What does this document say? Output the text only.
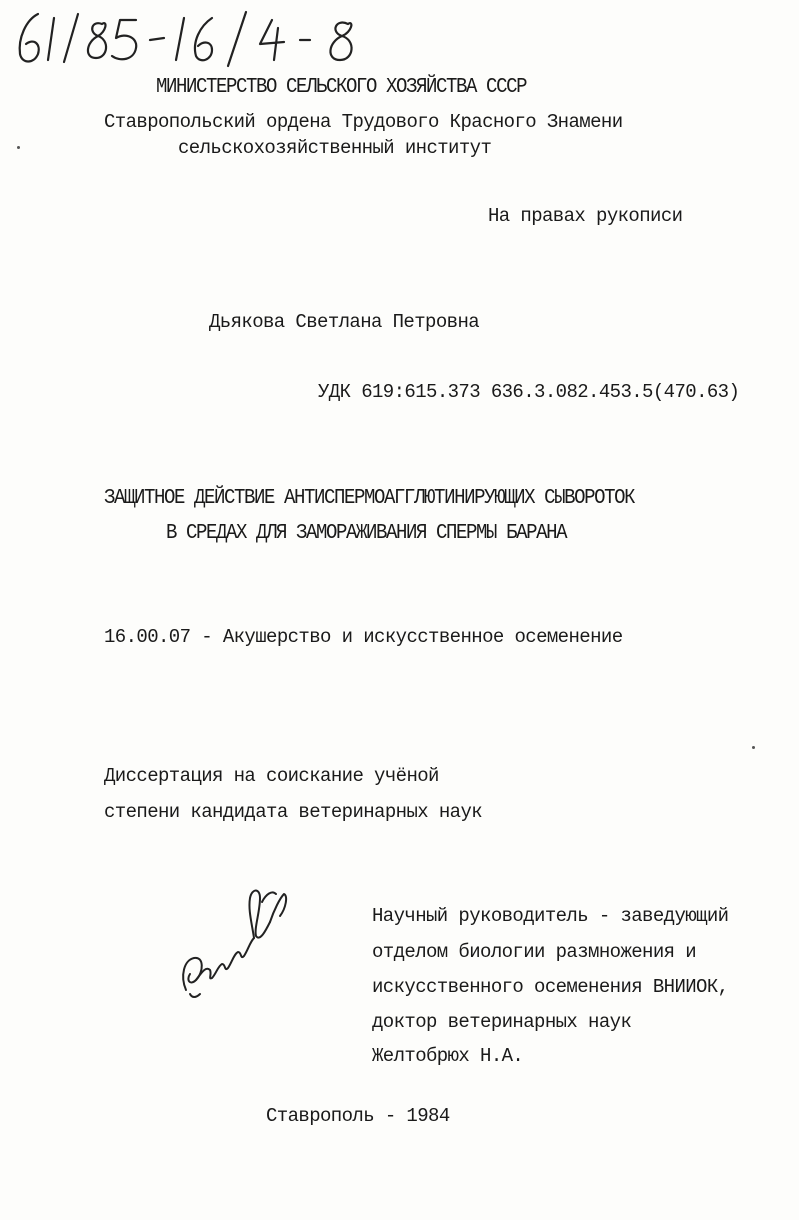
МИНИСТЕРСТВО СЕЛЬСКОГО ХОЗЯЙСТВА СССР
Ставропольский ордена Трудового Красного Знамени
сельскохозяйственный институт
На правах рукописи
Дьякова Светлана Петровна
УДК 619:615.373 636.3.082.453.5(470.63)
ЗАЩИТНОЕ ДЕЙСТВИЕ АНТИСПЕРМОАГГЛЮТИНИРУЮЩИХ СЫВОРОТОК
В СРЕДАХ ДЛЯ ЗАМОРАЖИВАНИЯ СПЕРМЫ БАРАНА
16.00.07 - Акушерство и искусственное осеменение
Диссертация на соискание учёной
степени кандидата ветеринарных наук
Научный руководитель - заведующий
отделом биологии размножения и
искусственного осеменения ВНИИОК,
доктор ветеринарных наук
Желтобрюх Н.А.
Ставрополь - 1984
